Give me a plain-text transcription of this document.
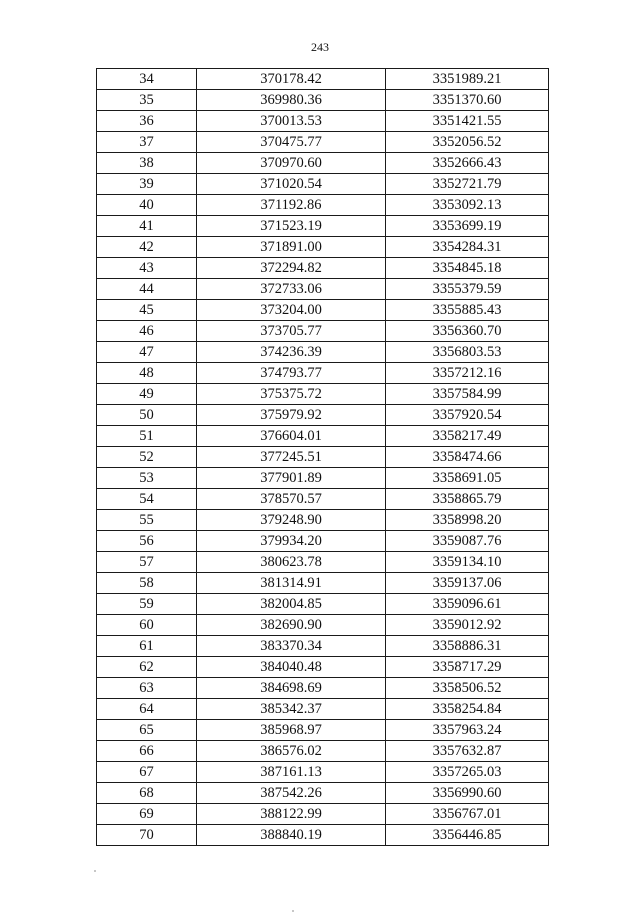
243
34	370178.42	3351989.21
35	369980.36	3351370.60
36	370013.53	3351421.55
37	370475.77	3352056.52
38	370970.60	3352666.43
39	371020.54	3352721.79
40	371192.86	3353092.13
41	371523.19	3353699.19
42	371891.00	3354284.31
43	372294.82	3354845.18
44	372733.06	3355379.59
45	373204.00	3355885.43
46	373705.77	3356360.70
47	374236.39	3356803.53
48	374793.77	3357212.16
49	375375.72	3357584.99
50	375979.92	3357920.54
51	376604.01	3358217.49
52	377245.51	3358474.66
53	377901.89	3358691.05
54	378570.57	3358865.79
55	379248.90	3358998.20
56	379934.20	3359087.76
57	380623.78	3359134.10
58	381314.91	3359137.06
59	382004.85	3359096.61
60	382690.90	3359012.92
61	383370.34	3358886.31
62	384040.48	3358717.29
63	384698.69	3358506.52
64	385342.37	3358254.84
65	385968.97	3357963.24
66	386576.02	3357632.87
67	387161.13	3357265.03
68	387542.26	3356990.60
69	388122.99	3356767.01
70	388840.19	3356446.85
